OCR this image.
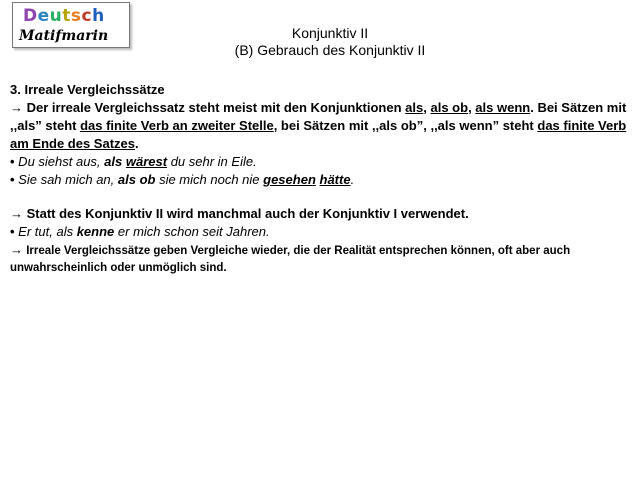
Deutsch
Matifmarin	Konjunktiv II
(B) Gebrauch des Konjunktiv II

3. Irreale Vergleichssätze

→ Der irreale Vergleichssatz steht meist mit den Konjunktionen als, als ob, als wenn. Bei Sätzen mit ,,als” steht das finite Verb an zweiter Stelle, bei Sätzen mit ,,als ob”, ,,als wenn” steht das finite Verb am Ende des Satzes.

• Du siehst aus, als wärest du sehr in Eile.

• Sie sah mich an, als ob sie mich noch nie gesehen hätte.

→ Statt des Konjunktiv II wird manchmal auch der Konjunktiv I verwendet.

• Er tut, als kenne er mich schon seit Jahren.

→ Irreale Vergleichssätze geben Vergleiche wieder, die der Realität entsprechen können, oft aber auch unwahrscheinlich oder unmöglich sind.
